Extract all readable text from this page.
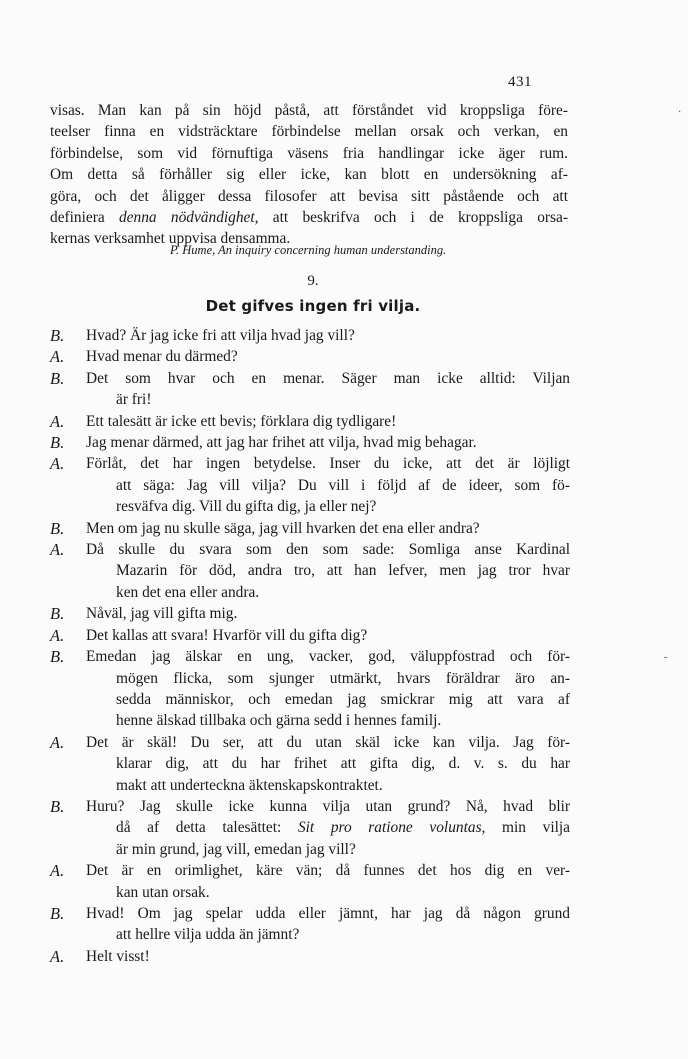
431
visas. Man kan på sin höjd påstå, att förståndet vid kroppsliga före-
teelser finna en vidsträcktare förbindelse mellan orsak och verkan, en
förbindelse, som vid förnuftiga väsens fria handlingar icke äger rum.
Om detta så förhåller sig eller icke, kan blott en undersökning af-
göra, och det åligger dessa filosofer att bevisa sitt påstående och att
definiera denna nödvändighet, att beskrifva och i de kroppsliga orsa-
kernas verksamhet uppvisa densamma.
P. Hume, An inquiry concerning human understanding.
9.
Det gifves ingen fri vilja.
B. Hvad? Är jag icke fri att vilja hvad jag vill?
A. Hvad menar du därmed?
B. Det som hvar och en menar. Säger man icke alltid: Viljan
är fri!
A. Ett talesätt är icke ett bevis; förklara dig tydligare!
B. Jag menar därmed, att jag har frihet att vilja, hvad mig behagar.
A. Förlåt, det har ingen betydelse. Inser du icke, att det är löjligt
att säga: Jag vill vilja? Du vill i följd af de ideer, som fö-
resväfva dig. Vill du gifta dig, ja eller nej?
B. Men om jag nu skulle säga, jag vill hvarken det ena eller andra?
A. Då skulle du svara som den som sade: Somliga anse Kardinal
Mazarin för död, andra tro, att han lefver, men jag tror hvar
ken det ena eller andra.
B. Nåväl, jag vill gifta mig.
A. Det kallas att svara! Hvarför vill du gifta dig?
B. Emedan jag älskar en ung, vacker, god, väluppfostrad och för-
mögen flicka, som sjunger utmärkt, hvars föräldrar äro an-
sedda människor, och emedan jag smickrar mig att vara af
henne älskad tillbaka och gärna sedd i hennes familj.
A. Det är skäl! Du ser, att du utan skäl icke kan vilja. Jag för-
klarar dig, att du har frihet att gifta dig, d. v. s. du har
makt att underteckna äktenskapskontraktet.
B. Huru? Jag skulle icke kunna vilja utan grund? Nå, hvad blir
då af detta talesättet: Sit pro ratione voluntas, min vilja
är min grund, jag vill, emedan jag vill?
A. Det är en orimlighet, käre vän; då funnes det hos dig en ver-
kan utan orsak.
B. Hvad! Om jag spelar udda eller jämnt, har jag då någon grund
att hellre vilja udda än jämnt?
A. Helt visst!
·
-
